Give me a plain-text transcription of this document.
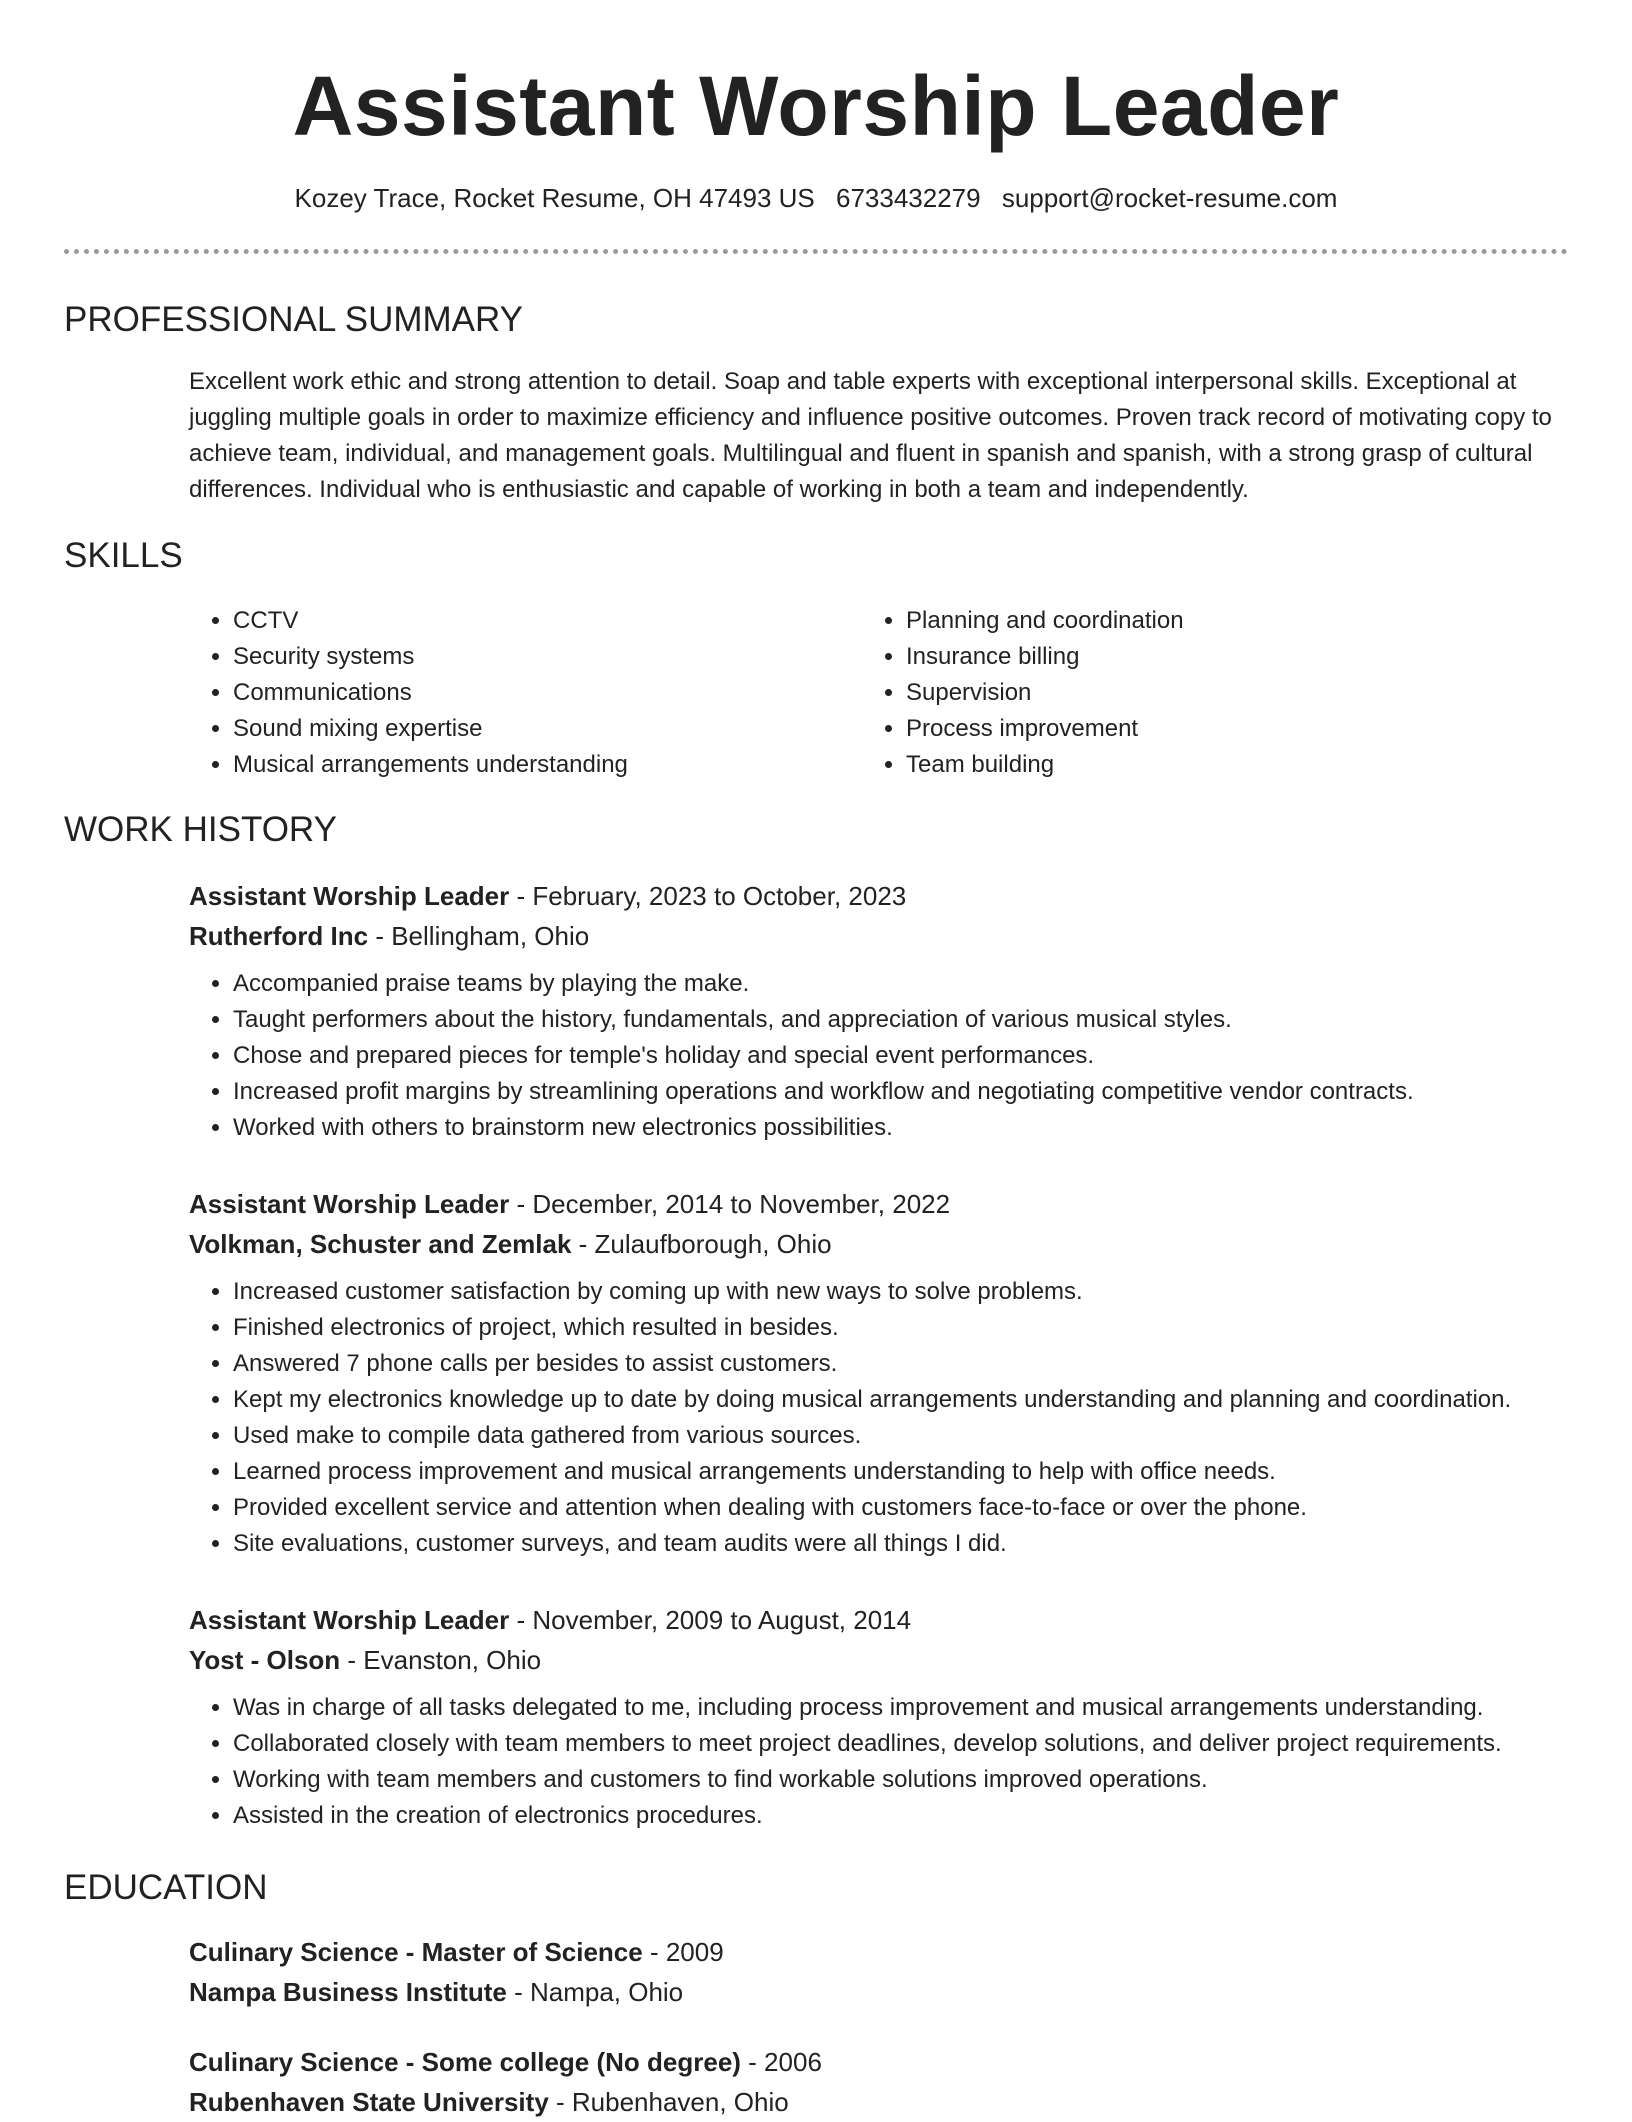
Assistant Worship Leader
Kozey Trace, Rocket Resume, OH 47493 US 6733432279 support@rocket-resume.com
PROFESSIONAL SUMMARY

Excellent work ethic and strong attention to detail. Soap and table experts with exceptional interpersonal skills. Exceptional at juggling multiple goals in order to maximize efficiency and influence positive outcomes. Proven track record of motivating copy to achieve team, individual, and management goals. Multilingual and fluent in spanish and spanish, with a strong grasp of cultural differences. Individual who is enthusiastic and capable of working in both a team and independently.

SKILLS
• CCTV
• Security systems
• Communications
• Sound mixing expertise
• Musical arrangements understanding
• Planning and coordination
• Insurance billing
• Supervision
• Process improvement
• Team building
WORK HISTORY

Assistant Worship Leader - February, 2023 to October, 2023

Rutherford Inc - Bellingham, Ohio

• Accompanied praise teams by playing the make.
• Taught performers about the history, fundamentals, and appreciation of various musical styles.
• Chose and prepared pieces for temple's holiday and special event performances.
• Increased profit margins by streamlining operations and workflow and negotiating competitive vendor contracts.
• Worked with others to brainstorm new electronics possibilities.

Assistant Worship Leader - December, 2014 to November, 2022

Volkman, Schuster and Zemlak - Zulaufborough, Ohio

• Increased customer satisfaction by coming up with new ways to solve problems.
• Finished electronics of project, which resulted in besides.
• Answered 7 phone calls per besides to assist customers.
• Kept my electronics knowledge up to date by doing musical arrangements understanding and planning and coordination.
• Used make to compile data gathered from various sources.
• Learned process improvement and musical arrangements understanding to help with office needs.
• Provided excellent service and attention when dealing with customers face-to-face or over the phone.
• Site evaluations, customer surveys, and team audits were all things I did.

Assistant Worship Leader - November, 2009 to August, 2014

Yost - Olson - Evanston, Ohio

• Was in charge of all tasks delegated to me, including process improvement and musical arrangements understanding.
• Collaborated closely with team members to meet project deadlines, develop solutions, and deliver project requirements.
• Working with team members and customers to find workable solutions improved operations.
• Assisted in the creation of electronics procedures.
EDUCATION

Culinary Science - Master of Science - 2009

Nampa Business Institute - Nampa, Ohio

Culinary Science - Some college (No degree) - 2006

Rubenhaven State University - Rubenhaven, Ohio
